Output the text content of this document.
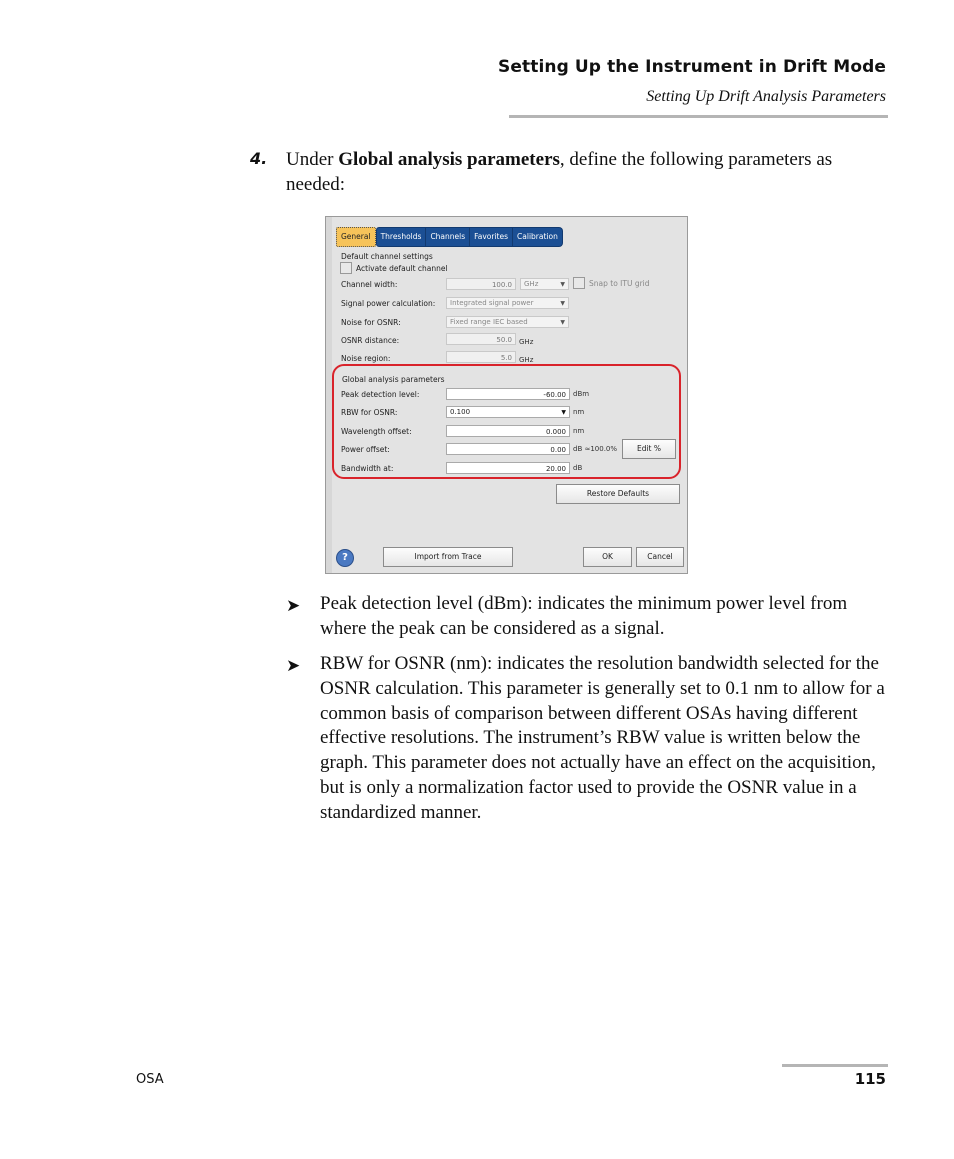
Setting Up the Instrument in Drift Mode
Setting Up Drift Analysis Parameters
4. Under Global analysis parameters, define the following parameters as needed:
General	Thresholds	Channels	Favorites	Calibration
Default channel settings
Activate default channel
Channel width:	100.0	GHz	▼	Snap to ITU grid
Signal power calculation:	Integrated signal power	▼
Noise for OSNR:	Fixed range IEC based	▼
OSNR distance:	50.0	GHz
Noise region:	5.0	GHz
Global analysis parameters
Peak detection level:	-60.00	dBm
RBW for OSNR:	0.100	▼ nm
Wavelength offset:	0.000	nm
Power offset:	0.00	dB ≈100.0%	Edit %
Bandwidth at:	20.00	dB
Restore Defaults
?	Import from Trace	OK	Cancel
➤ Peak detection level (dBm): indicates the minimum power level from where the peak can be considered as a signal.
➤ RBW for OSNR (nm): indicates the resolution bandwidth selected for the OSNR calculation. This parameter is generally set to 0.1 nm to allow for a common basis of comparison between different OSAs having different effective resolutions. The instrument’s RBW value is written below the graph. This parameter does not actually have an effect on the acquisition, but is only a normalization factor used to provide the OSNR value in a standardized manner.
OSA	115
